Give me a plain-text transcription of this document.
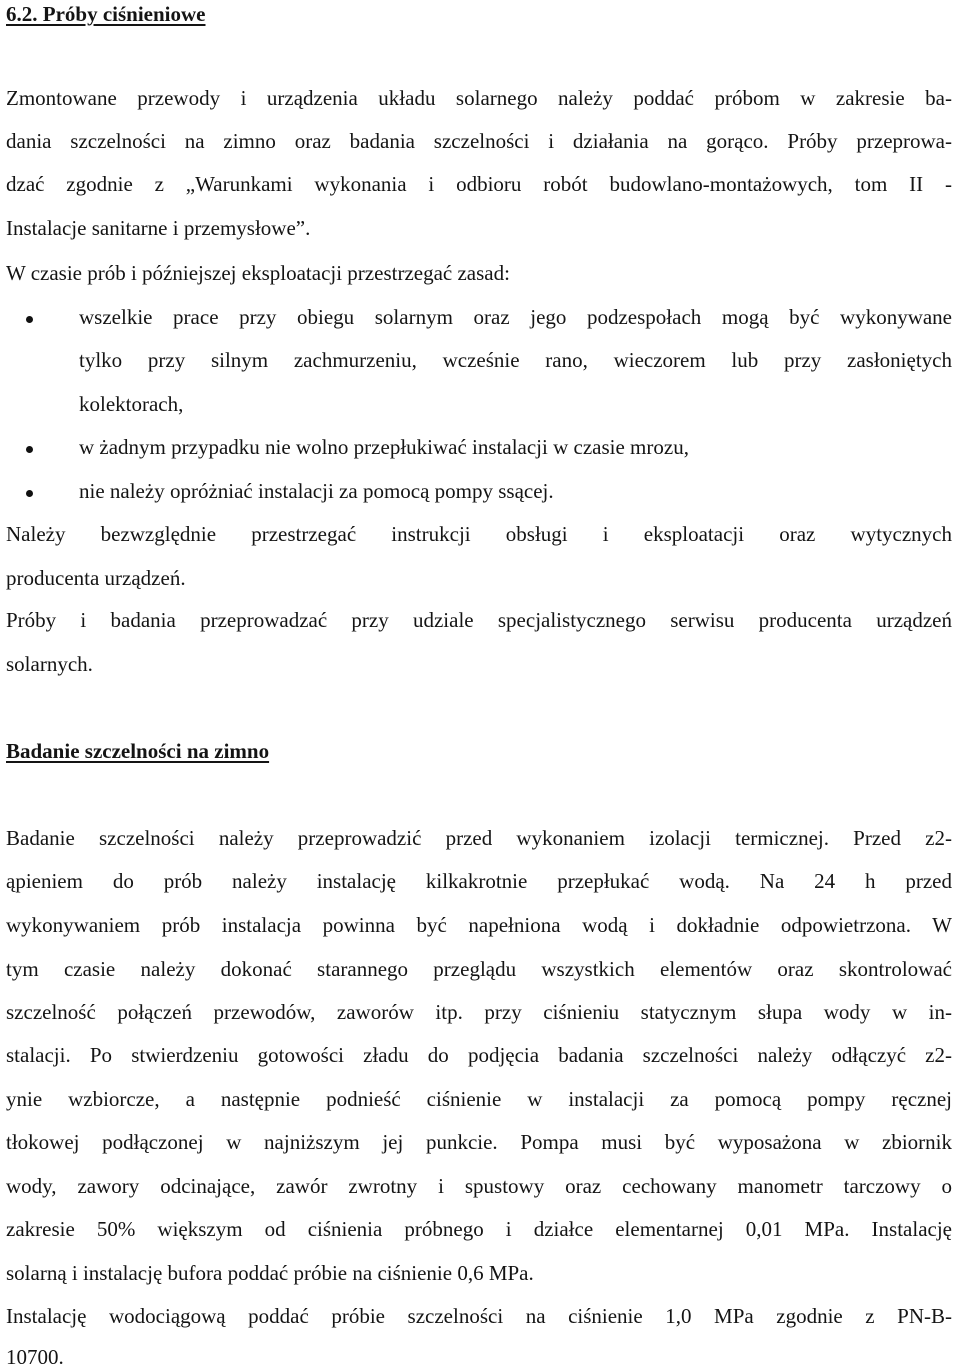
6.2. Próby ciśnieniowe
Zmontowane przewody i urządzenia układu solarnego należy poddać próbom w zakresie ba-
dania szczelności na zimno oraz badania szczelności i działania na gorąco. Próby przeprowa-
dzać zgodnie z „Warunkami wykonania i odbioru robót budowlano-montażowych, tom II -
Instalacje sanitarne i przemysłowe”.
W czasie prób i późniejszej eksploatacji przestrzegać zasad:
wszelkie prace przy obiegu solarnym oraz jego podzespołach mogą być wykonywane
tylko przy silnym zachmurzeniu, wcześnie rano, wieczorem lub przy zasłoniętych
kolektorach,
w żadnym przypadku nie wolno przepłukiwać instalacji w czasie mrozu,
nie należy opróżniać instalacji za pomocą pompy ssącej.
Należy bezwzględnie przestrzegać instrukcji obsługi i eksploatacji oraz wytycznych
producenta urządzeń.
Próby i badania przeprowadzać przy udziale specjalistycznego serwisu producenta urządzeń
solarnych.
Badanie szczelności na zimno
Badanie szczelności należy przeprowadzić przed wykonaniem izolacji termicznej. Przed z2-
ąpieniem do prób należy instalację kilkakrotnie przepłukać wodą. Na 24 h przed
wykonywaniem prób instalacja powinna być napełniona wodą i dokładnie odpowietrzona. W
tym czasie należy dokonać starannego przeglądu wszystkich elementów oraz skontrolować
szczelność połączeń przewodów, zaworów itp. przy ciśnieniu statycznym słupa wody w in-
stalacji. Po stwierdzeniu gotowości zładu do podjęcia badania szczelności należy odłączyć z2-
ynie wzbiorcze, a następnie podnieść ciśnienie w instalacji za pomocą pompy ręcznej
tłokowej podłączonej w najniższym jej punkcie. Pompa musi być wyposażona w zbiornik
wody, zawory odcinające, zawór zwrotny i spustowy oraz cechowany manometr tarczowy o
zakresie 50% większym od ciśnienia próbnego i działce elementarnej 0,01 MPa. Instalację
solarną i instalację bufora poddać próbie na ciśnienie 0,6 MPa.
Instalację wodociągową poddać próbie szczelności na ciśnienie 1,0 MPa zgodnie z PN-B-
10700.
